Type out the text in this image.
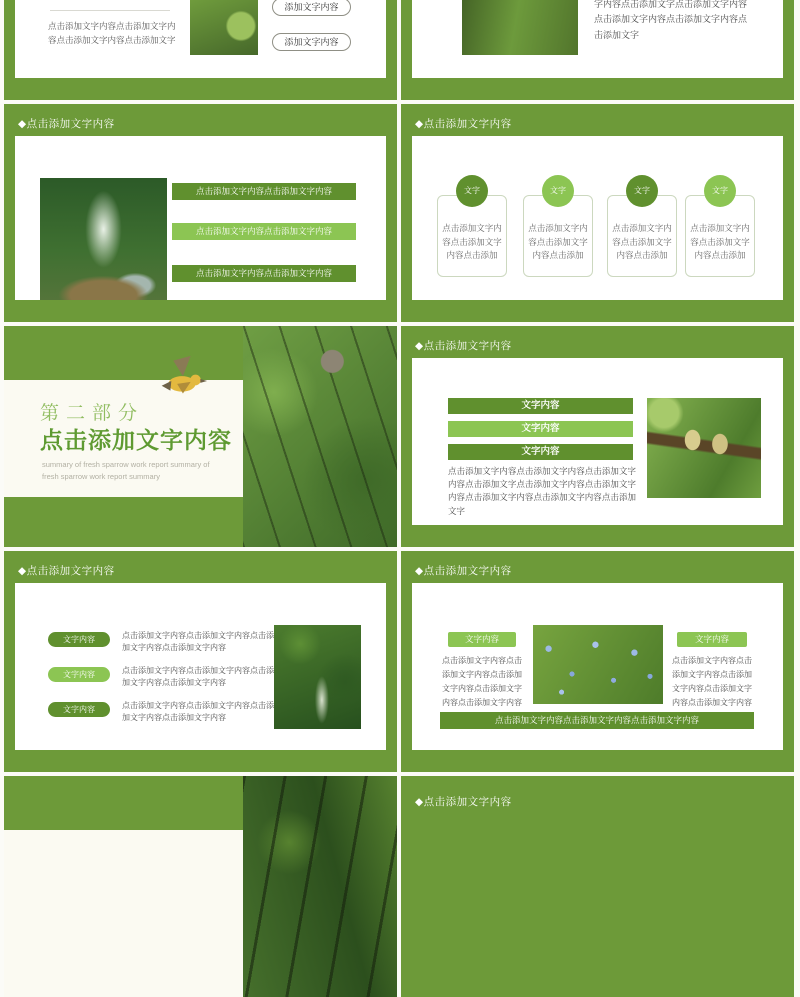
点击添加文字内容点击添加文字内容点击添加文字内容点击添加文字
添加文字内容
添加文字内容
字内容点击添加文字点击添加文字内容点击添加文字内容点击添加文字内容点击添加文字
◆点击添加文字内容
点击添加文字内容点击添加文字内容
点击添加文字内容点击添加文字内容
点击添加文字内容点击添加文字内容
◆点击添加文字内容
点击添加文字内容点击添加文字内容点击添加
文字
点击添加文字内容点击添加文字内容点击添加
文字
点击添加文字内容点击添加文字内容点击添加
文字
点击添加文字内容点击添加文字内容点击添加
文字
第二部分
点击添加文字内容
summary of fresh sparrow work report summary of fresh sparrow work report summary
◆点击添加文字内容
文字内容
文字内容
文字内容
点击添加文字内容点击添加文字内容点击添加文字内容点击添加文字点击添加文字内容点击添加文字内容点击添加文字内容点击添加文字内容点击添加文字
◆点击添加文字内容
文字内容	点击添加文字内容点击添加文字内容点击添加文字内容点击添加文字内容
文字内容	点击添加文字内容点击添加文字内容点击添加文字内容点击添加文字内容
文字内容	点击添加文字内容点击添加文字内容点击添加文字内容点击添加文字内容
◆点击添加文字内容
文字内容
点击添加文字内容点击添加文字内容点击添加文字内容点击添加文字内容点击添加文字内容
文字内容
点击添加文字内容点击添加文字内容点击添加文字内容点击添加文字内容点击添加文字内容
点击添加文字内容点击添加文字内容点击添加文字内容
◆点击添加文字内容
